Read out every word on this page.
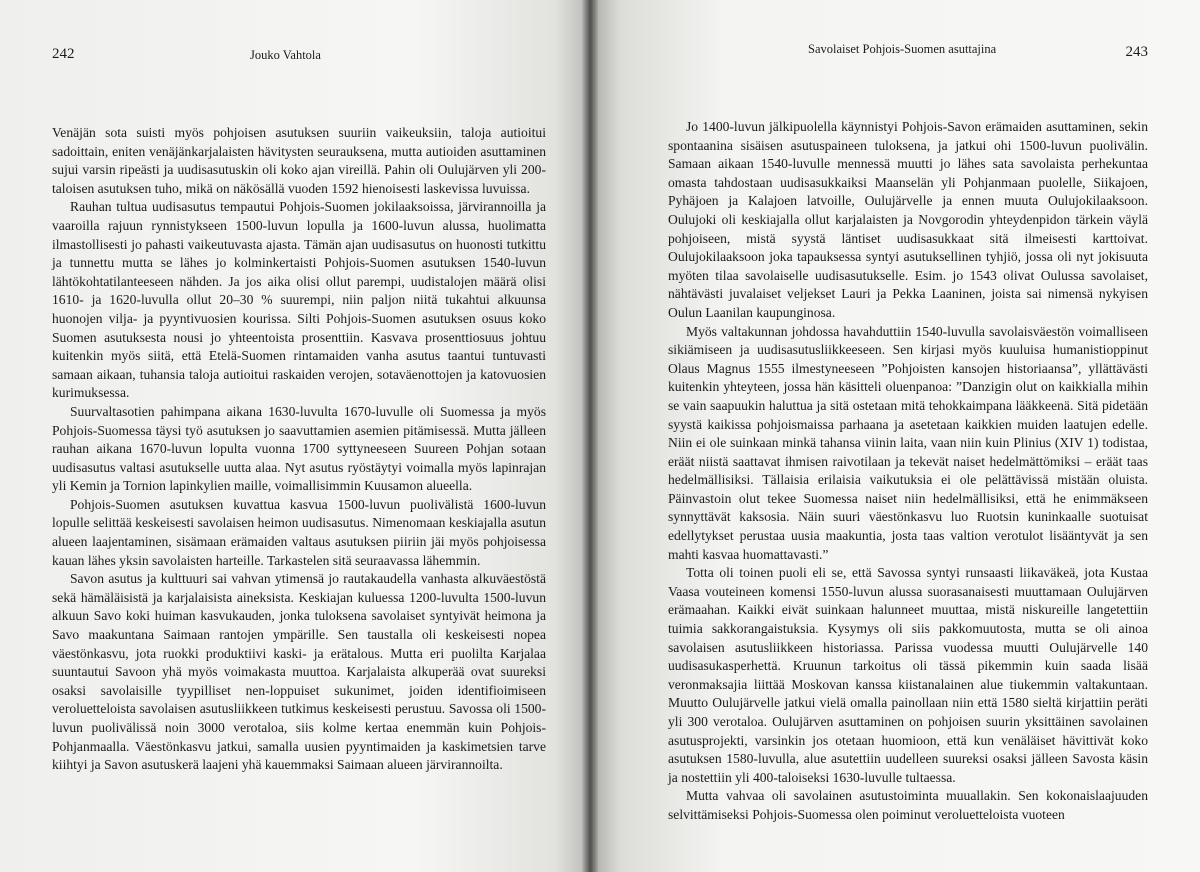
242	Jouko Vahtola

Venäjän sota suisti myös pohjoisen asutuksen suuriin vaikeuksiin, taloja autioitui sadoittain, eniten venäjänkarjalaisten hävitysten seurauksena, mutta autioiden asuttaminen sujui varsin ripeästi ja uudisasutuskin oli koko ajan vireillä. Pahin oli Oulujärven yli 200-taloisen asutuksen tuho, mikä on näkösällä vuoden 1592 hienoisesti laskevissa luvuissa.

Rauhan tultua uudisasutus tempautui Pohjois-Suomen jokilaaksoissa, järvirannoilla ja vaaroilla rajuun rynnistykseen 1500-luvun lopulla ja 1600-luvun alussa, huolimatta ilmastollisesti jo pahasti vaikeutuvasta ajasta. Tämän ajan uudisasutus on huonosti tutkittu ja tunnettu mutta se lähes jo kolminkertaisti Pohjois-Suomen asutuksen 1540-luvun lähtökohtatilanteeseen nähden. Ja jos aika olisi ollut parempi, uudistalojen määrä olisi 1610- ja 1620-luvulla ollut 20–30 % suurempi, niin paljon niitä tukahtui alkuunsa huonojen vilja- ja pyyntivuosien kourissa. Silti Pohjois-Suomen asutuksen osuus koko Suomen asutuksesta nousi jo yhteentoista prosenttiin. Kasvava prosenttiosuus johtuu kuitenkin myös siitä, että Etelä-Suomen rintamaiden vanha asutus taantui tuntuvasti samaan aikaan, tuhansia taloja autioitui raskaiden verojen, sotaväenottojen ja katovuosien kurimuksessa.

Suurvaltasotien pahimpana aikana 1630-luvulta 1670-luvulle oli Suomessa ja myös Pohjois-Suomessa täysi työ asutuksen jo saavuttamien asemien pitämisessä. Mutta jälleen rauhan aikana 1670-luvun lopulta vuonna 1700 syttyneeseen Suureen Pohjan sotaan uudisasutus valtasi asutukselle uutta alaa. Nyt asutus ryöstäytyi voimalla myös lapinrajan yli Kemin ja Tornion lapinkylien maille, voimallisimmin Kuusamon alueella.

Pohjois-Suomen asutuksen kuvattua kasvua 1500-luvun puolivälistä 1600-luvun lopulle selittää keskeisesti savolaisen heimon uudisasutus. Nimenomaan keskiajalla asutun alueen laajentaminen, sisämaan erämaiden valtaus asutuksen piiriin jäi myös pohjoisessa kauan lähes yksin savolaisten harteille. Tarkastelen sitä seuraavassa lähemmin.

Savon asutus ja kulttuuri sai vahvan ytimensä jo rautakaudella vanhasta alkuväestöstä sekä hämäläisistä ja karjalaisista aineksista. Keskiajan kuluessa 1200-luvulta 1500-luvun alkuun Savo koki huiman kasvukauden, jonka tuloksena savolaiset syntyivät heimona ja Savo maakuntana Saimaan rantojen ympärille. Sen taustalla oli keskeisesti nopea väestönkasvu, jota ruokki produktiivi kaski- ja erätalous. Mutta eri puolilta Karjalaa suuntautui Savoon yhä myös voimakasta muuttoa. Karjalaista alkuperää ovat suureksi osaksi savolaisille tyypilliset nen-loppuiset sukunimet, joiden identifioimiseen veroluetteloista savolaisen asutusliikkeen tutkimus keskeisesti perustuu. Savossa oli 1500-luvun puolivälissä noin 3000 verotaloa, siis kolme kertaa enemmän kuin Pohjois-Pohjanmaalla. Väestönkasvu jatkui, samalla uusien pyyntimaiden ja kaskimetsien tarve kiihtyi ja Savon asutuskerä laajeni yhä kauemmaksi Saimaan alueen järvirannoilta.

Savolaiset Pohjois-Suomen asuttajina	243

Jo 1400-luvun jälkipuolella käynnistyi Pohjois-Savon erämaiden asuttaminen, sekin spontaanina sisäisen asutuspaineen tuloksena, ja jatkui ohi 1500-luvun puolivälin. Samaan aikaan 1540-luvulle mennessä muutti jo lähes sata savolaista perhekuntaa omasta tahdostaan uudisasukkaiksi Maanselän yli Pohjanmaan puolelle, Siikajoen, Pyhäjoen ja Kalajoen latvoille, Oulujärvelle ja ennen muuta Oulujokilaaksoon. Oulujoki oli keskiajalla ollut karjalaisten ja Novgorodin yhteydenpidon tärkein väylä pohjoiseen, mistä syystä läntiset uudisasukkaat sitä ilmeisesti karttoivat. Oulujokilaaksoon joka tapauksessa syntyi asutuksellinen tyhjiö, jossa oli nyt jokisuuta myöten tilaa savolaiselle uudisasutukselle. Esim. jo 1543 olivat Oulussa savolaiset, nähtävästi juvalaiset veljekset Lauri ja Pekka Laaninen, joista sai nimensä nykyisen Oulun Laanilan kaupunginosa.

Myös valtakunnan johdossa havahduttiin 1540-luvulla savolaisväestön voimalliseen sikiämiseen ja uudisasutusliikkeeseen. Sen kirjasi myös kuuluisa humanistioppinut Olaus Magnus 1555 ilmestyneeseen ”Pohjoisten kansojen historiaansa”, yllättävästi kuitenkin yhteyteen, jossa hän käsitteli oluenpanoa: ”Danzigin olut on kaikkialla mihin se vain saapuukin haluttua ja sitä ostetaan mitä tehokkaimpana lääkkeenä. Sitä pidetään syystä kaikissa pohjoismaissa parhaana ja asetetaan kaikkien muiden laatujen edelle. Niin ei ole suinkaan minkä tahansa viinin laita, vaan niin kuin Plinius (XIV 1) todistaa, eräät niistä saattavat ihmisen raivotilaan ja tekevät naiset hedelmättömiksi – eräät taas hedelmällisiksi. Tällaisia erilaisia vaikutuksia ei ole pelättävissä mistään oluista. Päinvastoin olut tekee Suomessa naiset niin hedelmällisiksi, että he enimmäkseen synnyttävät kaksosia. Näin suuri väestönkasvu luo Ruotsin kuninkaalle suotuisat edellytykset perustaa uusia maakuntia, josta taas valtion verotulot lisääntyvät ja sen mahti kasvaa huomattavasti.”

Totta oli toinen puoli eli se, että Savossa syntyi runsaasti liikaväkeä, jota Kustaa Vaasa vouteineen komensi 1550-luvun alussa suorasanaisesti muuttamaan Oulujärven erämaahan. Kaikki eivät suinkaan halunneet muuttaa, mistä niskureille langetettiin tuimia sakkorangaistuksia. Kysymys oli siis pakkomuutosta, mutta se oli ainoa savolaisen asutusliikkeen historiassa. Parissa vuodessa muutti Oulujärvelle 140 uudisasukasperhettä. Kruunun tarkoitus oli tässä pikemmin kuin saada lisää veronmaksajia liittää Moskovan kanssa kiistanalainen alue tiukemmin valtakuntaan. Muutto Oulujärvelle jatkui vielä omalla painollaan niin että 1580 sieltä kirjattiin peräti yli 300 verotaloa. Oulujärven asuttaminen on pohjoisen suurin yksittäinen savolainen asutusprojekti, varsinkin jos otetaan huomioon, että kun venäläiset hävittivät koko asutuksen 1580-luvulla, alue asutettiin uudelleen suureksi osaksi jälleen Savosta käsin ja nostettiin yli 400-taloiseksi 1630-luvulle tultaessa.

Mutta vahvaa oli savolainen asutustoiminta muuallakin. Sen kokonaislaajuuden selvittämiseksi Pohjois-Suomessa olen poiminut veroluetteloista vuoteen
